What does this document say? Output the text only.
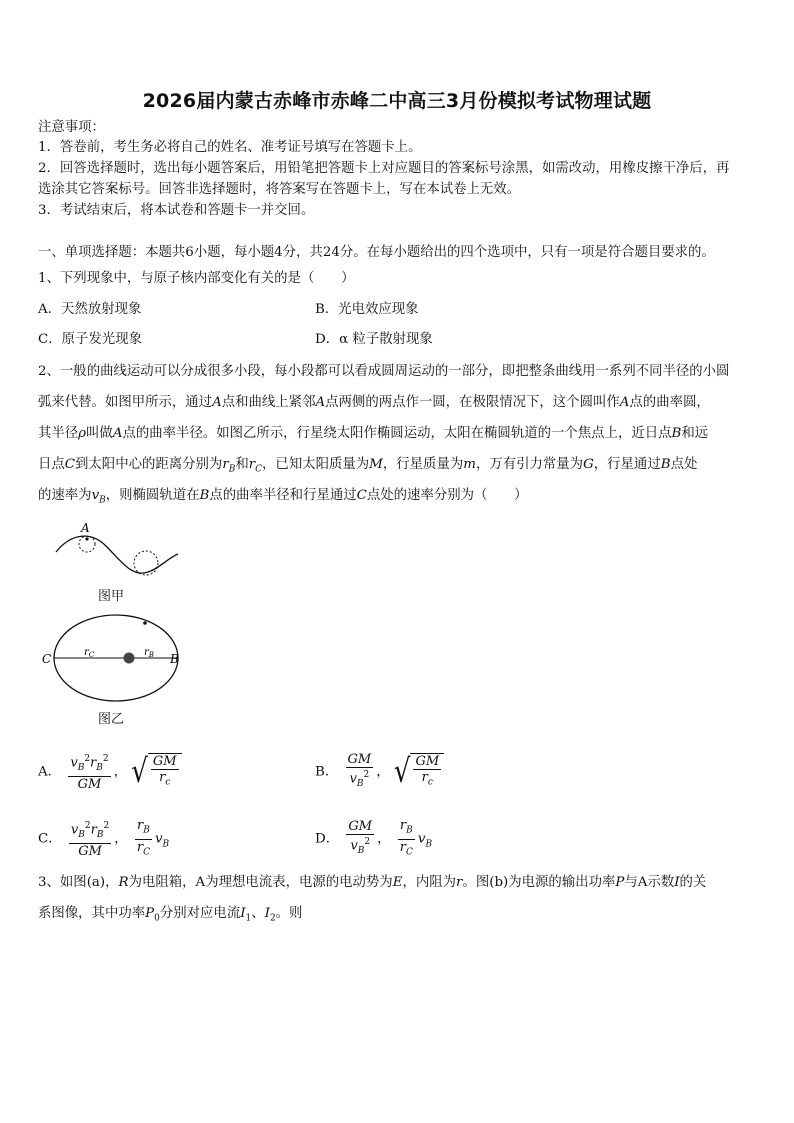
2026届内蒙古赤峰市赤峰二中高三3月份模拟考试物理试题
注意事项：
1．答卷前，考生务必将自己的姓名、准考证号填写在答题卡上。
2．回答选择题时，选出每小题答案后，用铅笔把答题卡上对应题目的答案标号涂黑，如需改动，用橡皮擦干净后，再
选涂其它答案标号。回答非选择题时，将答案写在答题卡上，写在本试卷上无效。
3．考试结束后，将本试卷和答题卡一并交回。
一、单项选择题：本题共6小题，每小题4分，共24分。在每小题给出的四个选项中，只有一项是符合题目要求的。
1、下列现象中，与原子核内部变化有关的是（　　）
A．天然放射现象	B．光电效应现象
C．原子发光现象	D．α 粒子散射现象
2、一般的曲线运动可以分成很多小段，每小段都可以看成圆周运动的一部分，即把整条曲线用一系列不同半径的小圆
弧来代替。如图甲所示，通过A点和曲线上紧邻A点两侧的两点作一圆，在极限情况下，这个圆叫作A点的曲率圆，
其半径ρ叫做A点的曲率半径。如图乙所示，行星绕太阳作椭圆运动，太阳在椭圆轨道的一个焦点上，近日点B和远
日点C到太阳中心的距离分别为$r_B$和$r_C$，已知太阳质量为M，行星质量为m，万有引力常量为G，行星通过B点处
的速率为$v_B$，则椭圆轨道在B点的曲率半径和行星通过C点处的速率分别为（　　）
A
图甲
C	B
$r_C$	$r_B$
图乙
A． $\frac{v_B^2r_B^2}{GM}$ ， √ $\frac{GM}{r_c}$	B． $\frac{GM}{v_B^2}$ ， √ $\frac{GM}{r_c}$
C． $\frac{v_B^2r_B^2}{GM}$ ， $\frac{r_B}{r_C} v_B$	D． $\frac{GM}{v_B^2}$ ， $\frac{r_B}{r_C} v_B$
3、如图(a)，R为电阻箱，A为理想电流表，电源的电动势为E，内阻为r。图(b)为电源的输出功率P与A示数I的关
系图像，其中功率$P_0$分别对应电流$I_1$、$I_2$。则
